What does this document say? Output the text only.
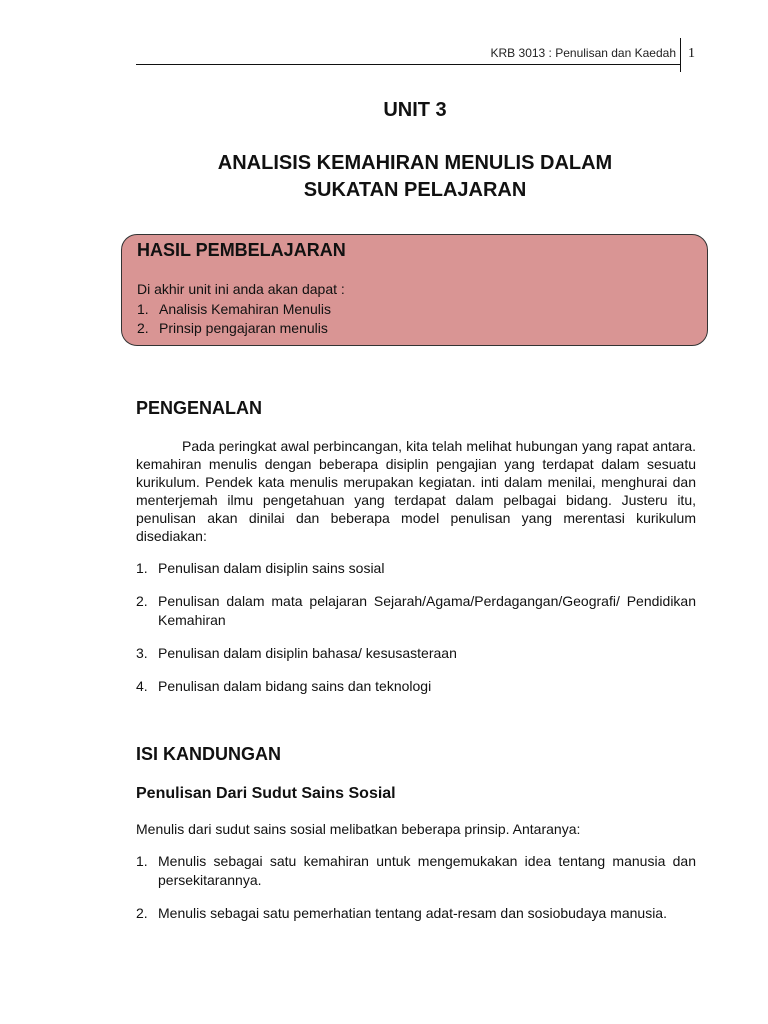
KRB 3013 : Penulisan dan Kaedah 1
UNIT 3
ANALISIS KEMAHIRAN MENULIS DALAM
SUKATAN PELAJARAN
HASIL PEMBELAJARAN
Di akhir unit ini anda akan dapat :
1. Analisis Kemahiran Menulis
2. Prinsip pengajaran menulis
PENGENALAN
Pada peringkat awal perbincangan, kita telah melihat hubungan yang rapat antara. kemahiran menulis dengan beberapa disiplin pengajian yang terdapat dalam sesuatu kurikulum. Pendek kata menulis merupakan kegiatan. inti dalam menilai, menghurai dan menterjemah ilmu pengetahuan yang terdapat dalam pelbagai bidang. Justeru itu, penulisan akan dinilai dan beberapa model penulisan yang merentasi kurikulum disediakan:
1. Penulisan dalam disiplin sains sosial
2. Penulisan dalam mata pelajaran Sejarah/Agama/Perdagangan/Geografi/ Pendidikan Kemahiran
3. Penulisan dalam disiplin bahasa/ kesusasteraan
4. Penulisan dalam bidang sains dan teknologi
ISI KANDUNGAN
Penulisan Dari Sudut Sains Sosial
Menulis dari sudut sains sosial melibatkan beberapa prinsip. Antaranya:
1. Menulis sebagai satu kemahiran untuk mengemukakan idea tentang manusia dan persekitarannya.
2. Menulis sebagai satu pemerhatian tentang adat-resam dan sosiobudaya manusia.
